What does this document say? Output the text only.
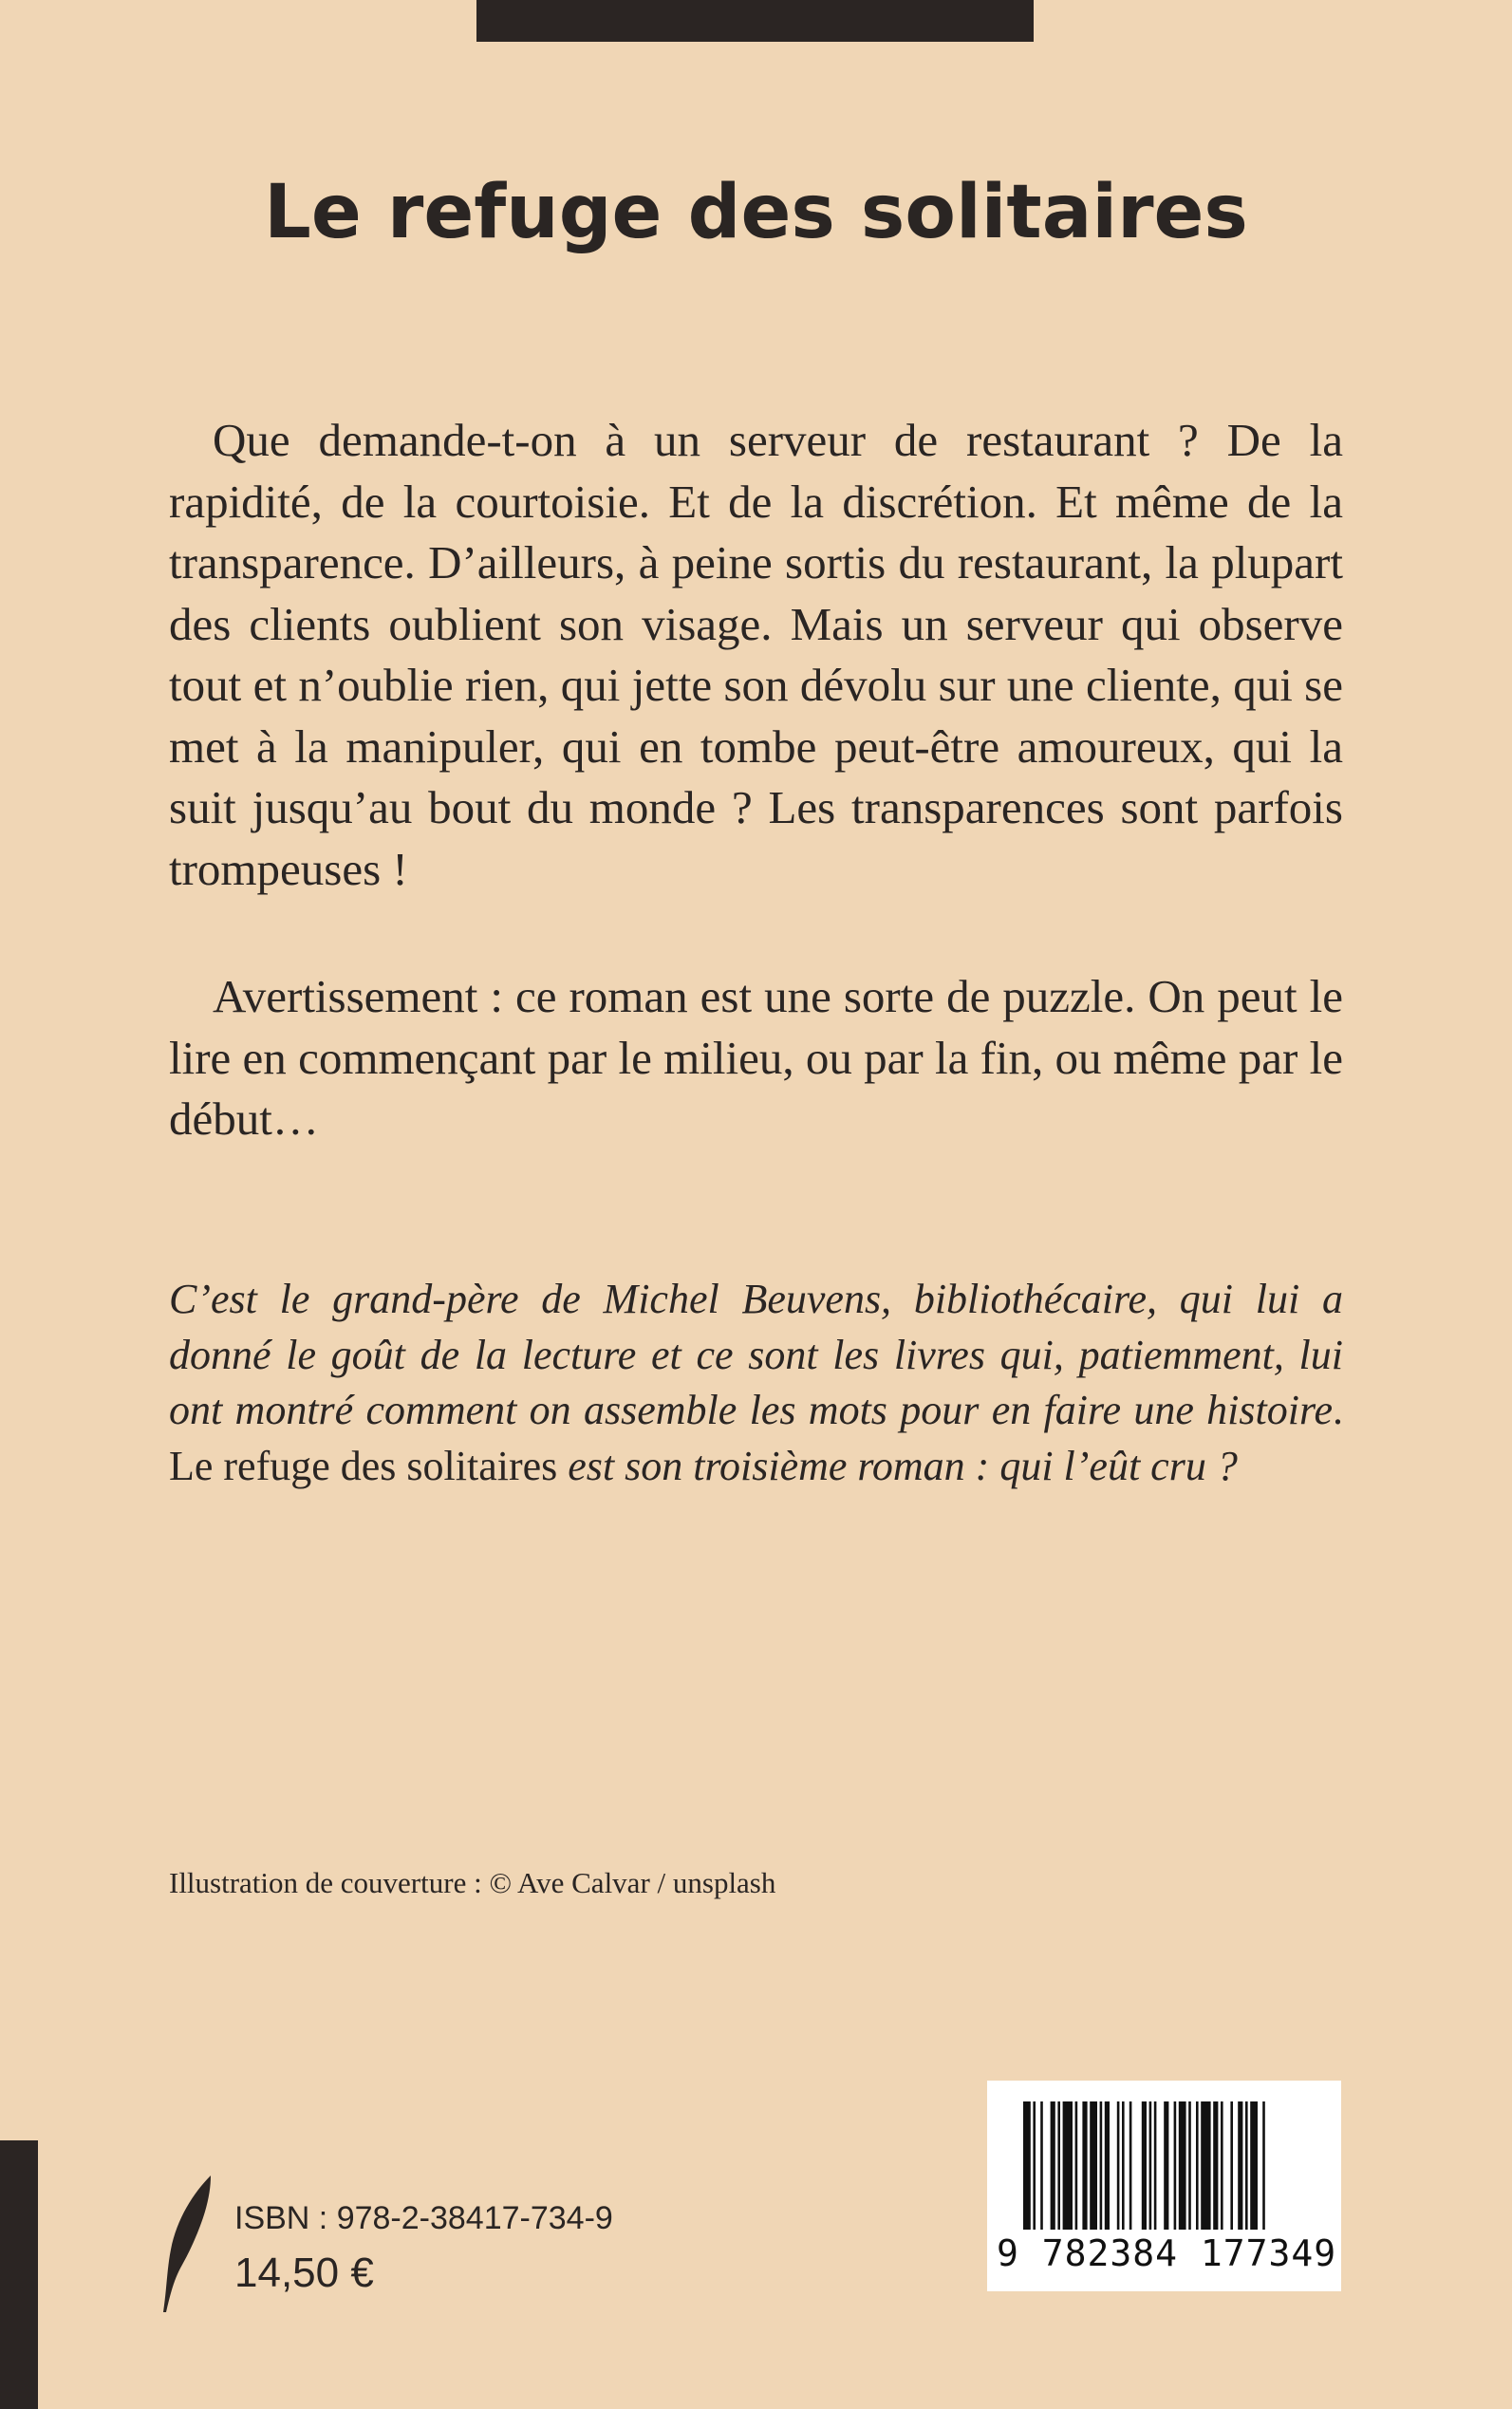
Le refuge des solitaires

Que demande-t-on à un serveur de restaurant ? De la rapidité, de la courtoisie. Et de la discrétion. Et même de la transparence. D’ailleurs, à peine sortis du restaurant, la plupart des clients oublient son visage. Mais un serveur qui observe tout et n’oublie rien, qui jette son dévolu sur une cliente, qui se met à la manipuler, qui en tombe peut-être amoureux, qui la suit jusqu’au bout du monde ? Les transparences sont parfois trompeuses !

Avertissement : ce roman est une sorte de puzzle. On peut le lire en commençant par le milieu, ou par la fin, ou même par le début…

C’est le grand-père de Michel Beuvens, bibliothécaire, qui lui a donné le goût de la lecture et ce sont les livres qui, patiemment, lui ont montré comment on assemble les mots pour en faire une histoire. Le refuge des solitaires est son troisième roman : qui l’eût cru ?

Illustration de couverture : © Ave Calvar / unsplash

ISBN : 978-2-38417-734-9

14,50 €	9 782384 177349
